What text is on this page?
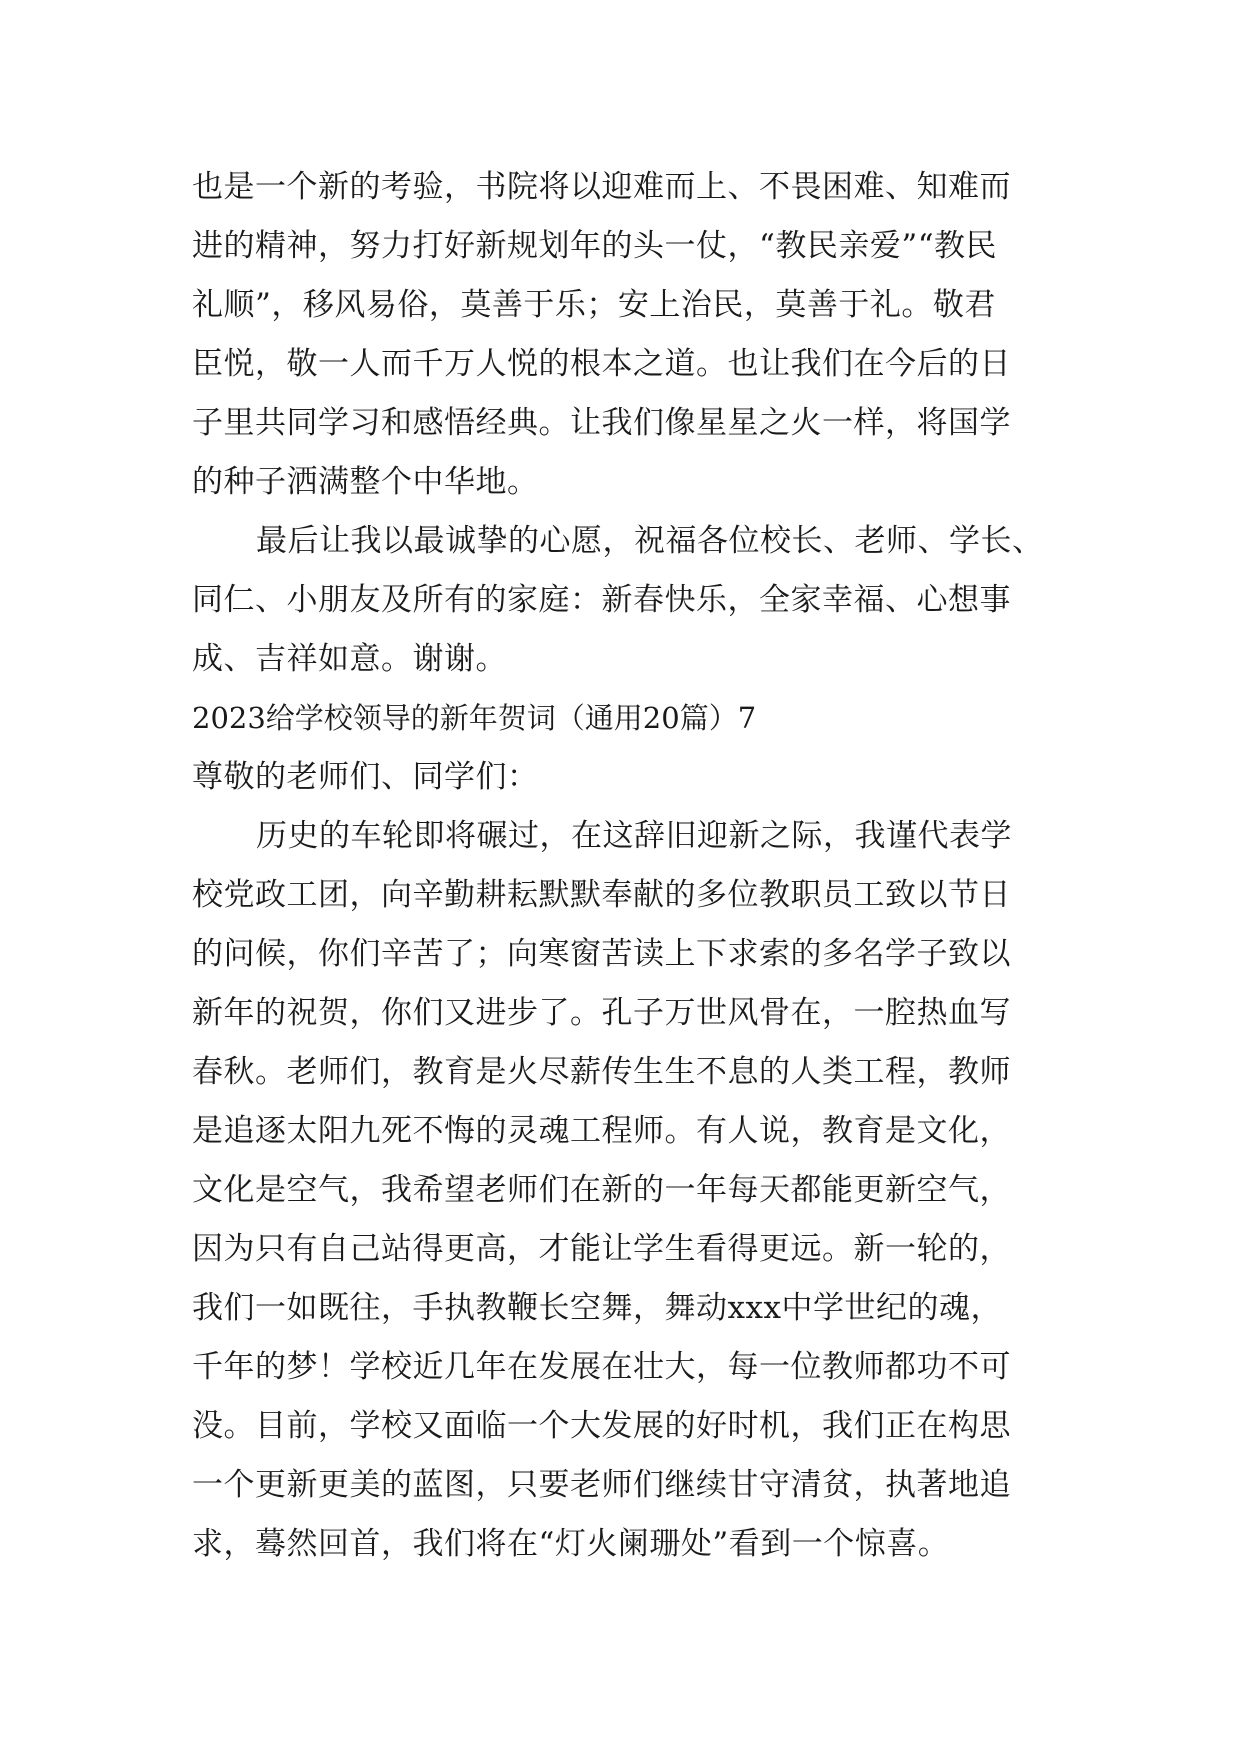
也是一个新的考验，书院将以迎难而上、不畏困难、知难而
进的精神，努力打好新规划年的头一仗，“教民亲爱”“教民
礼顺”，移风易俗，莫善于乐；安上治民，莫善于礼。敬君
臣悦，敬一人而千万人悦的根本之道。也让我们在今后的日
子里共同学习和感悟经典。让我们像星星之火一样，将国学
的种子洒满整个中华地。
最后让我以最诚挚的心愿，祝福各位校长、老师、学长、
同仁、小朋友及所有的家庭：新春快乐，全家幸福、心想事
成、吉祥如意。谢谢。
2023给学校领导的新年贺词（通用20篇）7
尊敬的老师们、同学们：
历史的车轮即将碾过，在这辞旧迎新之际，我谨代表学
校党政工团，向辛勤耕耘默默奉献的多位教职员工致以节日
的问候，你们辛苦了；向寒窗苦读上下求索的多名学子致以
新年的祝贺，你们又进步了。孔子万世风骨在，一腔热血写
春秋。老师们，教育是火尽薪传生生不息的人类工程，教师
是追逐太阳九死不悔的灵魂工程师。有人说，教育是文化，
文化是空气，我希望老师们在新的一年每天都能更新空气，
因为只有自己站得更高，才能让学生看得更远。新一轮的，
我们一如既往，手执教鞭长空舞，舞动xxx中学世纪的魂，
千年的梦！学校近几年在发展在壮大，每一位教师都功不可
没。目前，学校又面临一个大发展的好时机，我们正在构思
一个更新更美的蓝图，只要老师们继续甘守清贫，执著地追
求，蓦然回首，我们将在“灯火阑珊处”看到一个惊喜。
